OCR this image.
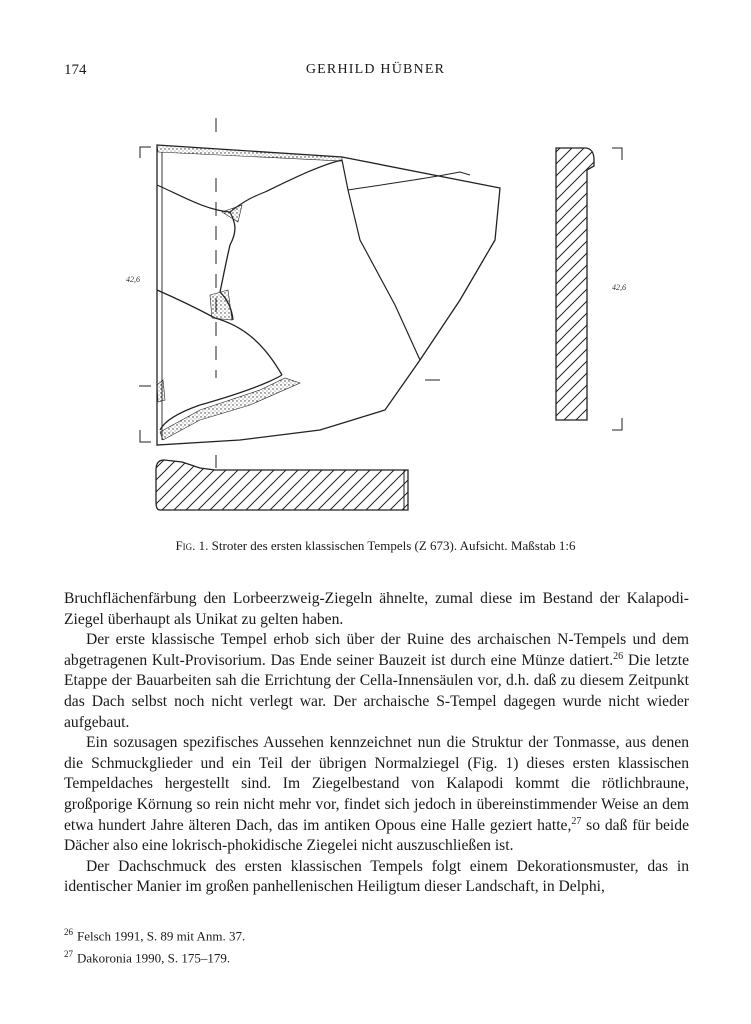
174	GERHILD HÜBNER
42,6
42,6
Fig. 1. Stroter des ersten klassischen Tempels (Z 673). Aufsicht. Maßstab 1:6

Bruchflächenfärbung den Lorbeerzweig-Ziegeln ähnelte, zumal diese im Bestand der Kalapodi-Ziegel überhaupt als Unikat zu gelten haben.

Der erste klassische Tempel erhob sich über der Ruine des archaischen N-Tempels und dem abgetragenen Kult-Provisorium. Das Ende seiner Bauzeit ist durch eine Münze datiert.$^{26}$ Die letzte Etappe der Bauarbeiten sah die Errichtung der Cella-Innensäulen vor, d.h. daß zu diesem Zeitpunkt das Dach selbst noch nicht verlegt war. Der archaische S-Tempel dagegen wurde nicht wieder aufgebaut.

Ein sozusagen spezifisches Aussehen kennzeichnet nun die Struktur der Tonmasse, aus denen die Schmuckglieder und ein Teil der übrigen Normalziegel (Fig. 1) dieses ersten klassischen Tempeldaches hergestellt sind. Im Ziegelbestand von Kalapodi kommt die rötlichbraune, großporige Körnung so rein nicht mehr vor, findet sich jedoch in übereinstimmender Weise an dem etwa hundert Jahre älteren Dach, das im antiken Opous eine Halle geziert hatte,$^{27}$ so daß für beide Dächer also eine lokrisch-phokidische Ziegelei nicht auszuschließen ist.

Der Dachschmuck des ersten klassischen Tempels folgt einem Dekorationsmuster, das in identischer Manier im großen panhellenischen Heiligtum dieser Landschaft, in Delphi,

$^{26}$ Felsch 1991, S. 89 mit Anm. 37.

$^{27}$ Dakoronia 1990, S. 175–179.
